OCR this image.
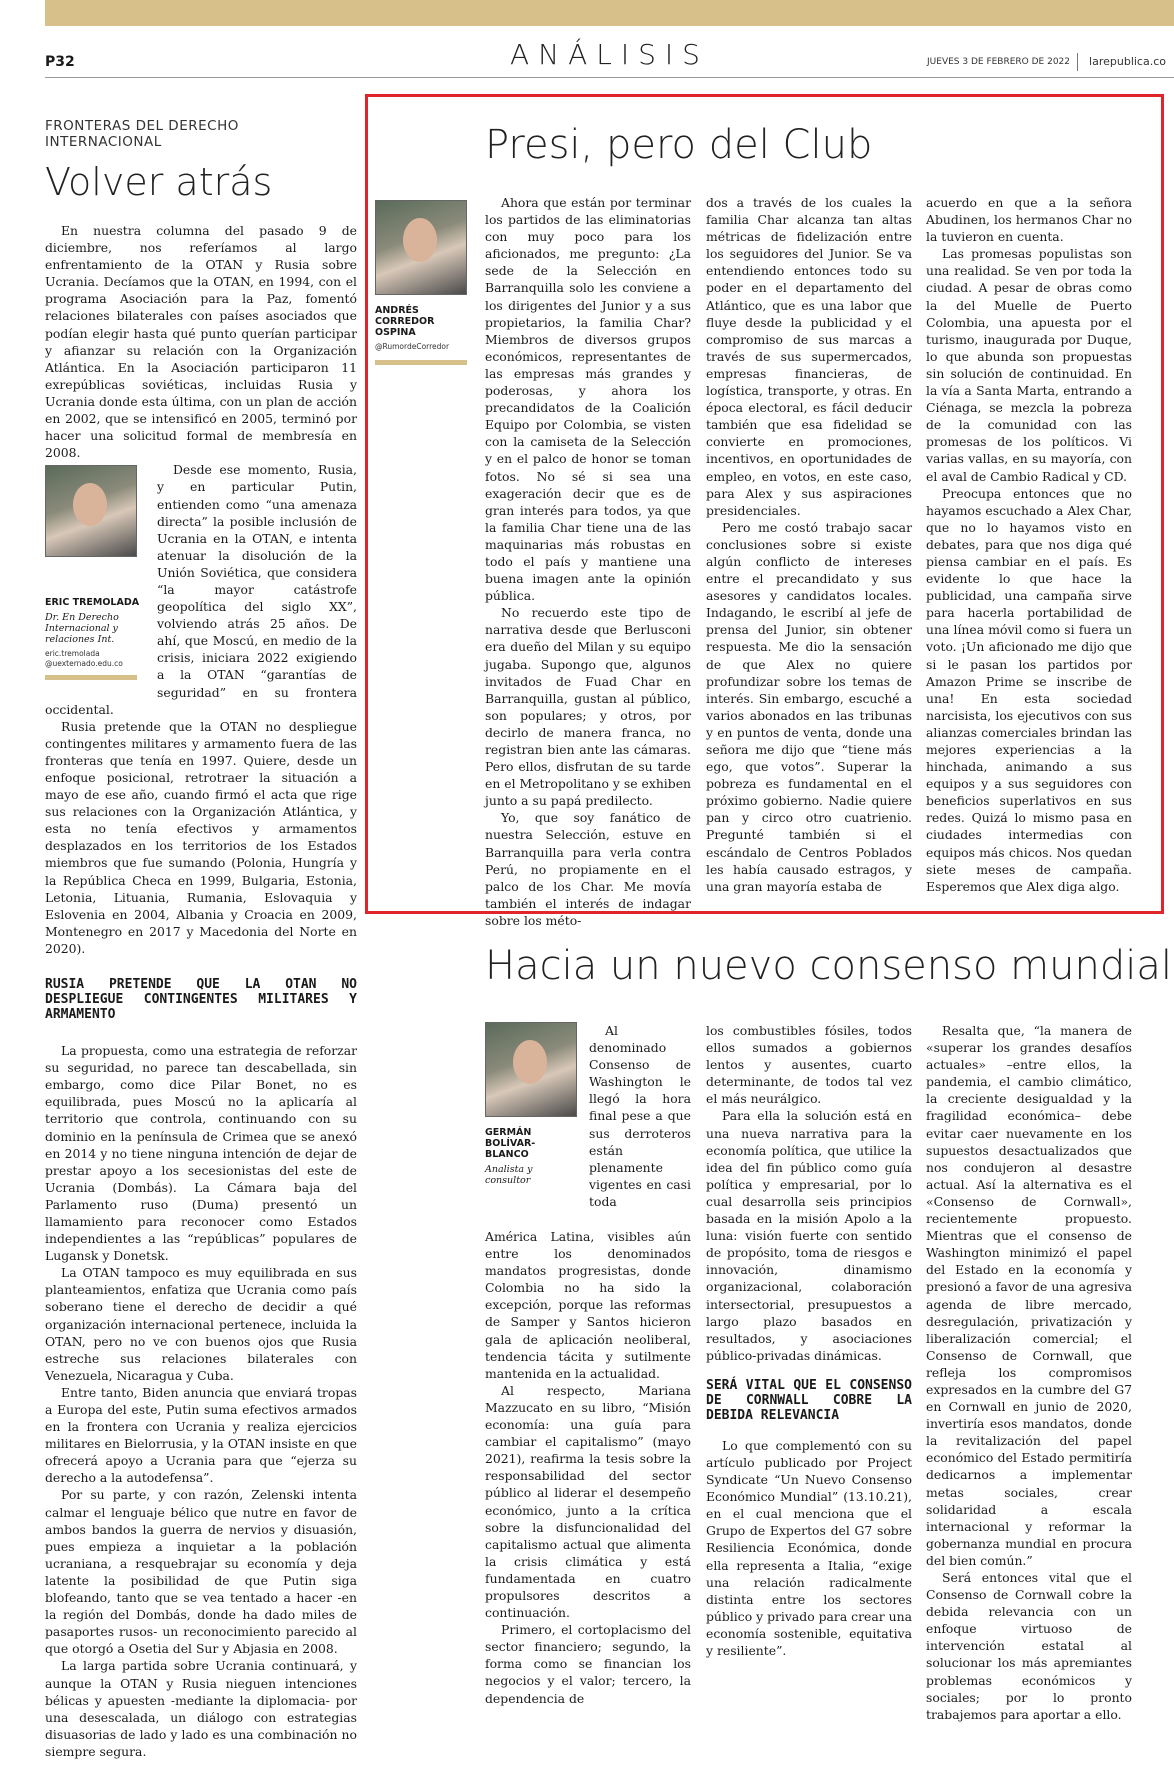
P32	ANÁLISIS	JUEVES 3 DE FEBRERO DE 2022 larepublica.co
FRONTERAS DEL DERECHO INTERNACIONAL
Volver atrás

En nuestra columna del pasado 9 de diciembre, nos referíamos al largo enfrentamiento de la OTAN y Rusia sobre Ucrania. Decíamos que la OTAN, en 1994, con el programa Asociación para la Paz, fomentó relaciones bilaterales con países asociados que podían elegir hasta qué punto querían participar y afianzar su relación con la Organización Atlántica. En la Asociación participaron 11 exrepúblicas soviéticas, incluidas Rusia y Ucrania donde esta última, con un plan de acción en 2002, que se intensificó en 2005, terminó por hacer una solicitud formal de membresía en 2008.

ERIC TREMOLADA
Dr. En Derecho Internacional y relaciones Int.
eric.tremolada @uexternado.edu.co

Desde ese momento, Rusia, y en particular Putin, entienden como “una amenaza directa” la posible inclusión de Ucrania en la OTAN, e intenta atenuar la disolución de la Unión Soviética, que considera “la mayor catástrofe geopolítica del siglo XX”, volviendo atrás 25 años. De ahí, que Moscú, en medio de la crisis, iniciara 2022 exigiendo a la OTAN “garantías de seguridad” en su frontera occidental.

Rusia pretende que la OTAN no despliegue contingentes militares y armamento fuera de las fronteras que tenía en 1997. Quiere, desde un enfoque posicional, retrotraer la situación a mayo de ese año, cuando firmó el acta que rige sus relaciones con la Organización Atlántica, y esta no tenía efectivos y armamentos desplazados en los territorios de los Estados miembros que fue sumando (Polonia, Hungría y la República Checa en 1999, Bulgaria, Estonia, Letonia, Lituania, Rumania, Eslovaquia y Eslovenia en 2004, Albania y Croacia en 2009, Montenegro en 2017 y Macedonia del Norte en 2020).

RUSIA PRETENDE QUE LA OTAN NO DESPLIEGUE CONTINGENTES MILITARES Y ARMAMENTO

La propuesta, como una estrategia de reforzar su seguridad, no parece tan descabellada, sin embargo, como dice Pilar Bonet, no es equilibrada, pues Moscú no la aplicaría al territorio que controla, continuando con su dominio en la península de Crimea que se anexó en 2014 y no tiene ninguna intención de dejar de prestar apoyo a los secesionistas del este de Ucrania (Dombás). La Cámara baja del Parlamento ruso (Duma) presentó un llamamiento para reconocer como Estados independientes a las “repúblicas” populares de Lugansk y Donetsk.

La OTAN tampoco es muy equilibrada en sus planteamientos, enfatiza que Ucrania como país soberano tiene el derecho de decidir a qué organización internacional pertenece, incluida la OTAN, pero no ve con buenos ojos que Rusia estreche sus relaciones bilaterales con Venezuela, Nicaragua y Cuba.

Entre tanto, Biden anuncia que enviará tropas a Europa del este, Putin suma efectivos armados en la frontera con Ucrania y realiza ejercicios militares en Bielorrusia, y la OTAN insiste en que ofrecerá apoyo a Ucrania para que “ejerza su derecho a la autodefensa”.

Por su parte, y con razón, Zelenski intenta calmar el lenguaje bélico que nutre en favor de ambos bandos la guerra de nervios y disuasión, pues empieza a inquietar a la población ucraniana, a resquebrajar su economía y deja latente la posibilidad de que Putin siga blofeando, tanto que se vea tentado a hacer -en la región del Dombás, donde ha dado miles de pasaportes rusos- un reconocimiento parecido al que otorgó a Osetia del Sur y Abjasia en 2008.

La larga partida sobre Ucrania continuará, y aunque la OTAN y Rusia nieguen intenciones bélicas y apuesten -mediante la diplomacia- por una desescalada, un diálogo con estrategias disuasorias de lado y lado es una combinación no siempre segura.

Presi, pero del Club
ANDRÉS CORREDOR OSPINA
@RumordeCorredor

Ahora que están por terminar los partidos de las eliminatorias con muy poco para los aficionados, me pregunto: ¿La sede de la Selección en Barranquilla solo les conviene a los dirigentes del Junior y a sus propietarios, la familia Char? Miembros de diversos grupos económicos, representantes de las empresas más grandes y poderosas, y ahora los precandidatos de la Coalición Equipo por Colombia, se visten con la camiseta de la Selección y en el palco de honor se toman fotos. No sé si sea una exageración decir que es de gran interés para todos, ya que la familia Char tiene una de las maquinarias más robustas en todo el país y mantiene una buena imagen ante la opinión pública.

No recuerdo este tipo de narrativa desde que Berlusconi era dueño del Milan y su equipo jugaba. Supongo que, algunos invitados de Fuad Char en Barranquilla, gustan al público, son populares; y otros, por decirlo de manera franca, no registran bien ante las cámaras. Pero ellos, disfrutan de su tarde en el Metropolitano y se exhiben junto a su papá predilecto.

Yo, que soy fanático de nuestra Selección, estuve en Barranquilla para verla contra Perú, no propiamente en el palco de los Char. Me movía también el interés de indagar sobre los méto-

dos a través de los cuales la familia Char alcanza tan altas métricas de fidelización entre los seguidores del Junior. Se va entendiendo entonces todo su poder en el departamento del Atlántico, que es una labor que fluye desde la publicidad y el compromiso de sus marcas a través de sus supermercados, empresas financieras, de logística, transporte, y otras. En época electoral, es fácil deducir también que esa fidelidad se convierte en promociones, incentivos, en oportunidades de empleo, en votos, en este caso, para Alex y sus aspiraciones presidenciales.

Pero me costó trabajo sacar conclusiones sobre si existe algún conflicto de intereses entre el precandidato y sus asesores y candidatos locales. Indagando, le escribí al jefe de prensa del Junior, sin obtener respuesta. Me dio la sensación de que Alex no quiere profundizar sobre los temas de interés. Sin embargo, escuché a varios abonados en las tribunas y en puntos de venta, donde una señora me dijo que “tiene más ego, que votos”. Superar la pobreza es fundamental en el próximo gobierno. Nadie quiere pan y circo otro cuatrienio. Pregunté también si el escándalo de Centros Poblados les había causado estragos, y una gran mayoría estaba de

acuerdo en que a la señora Abudinen, los hermanos Char no la tuvieron en cuenta.

Las promesas populistas son una realidad. Se ven por toda la ciudad. A pesar de obras como la del Muelle de Puerto Colombia, una apuesta por el turismo, inaugurada por Duque, lo que abunda son propuestas sin solución de continuidad. En la vía a Santa Marta, entrando a Ciénaga, se mezcla la pobreza de la comunidad con las promesas de los políticos. Vi varias vallas, en su mayoría, con el aval de Cambio Radical y CD.

Preocupa entonces que no hayamos escuchado a Alex Char, que no lo hayamos visto en debates, para que nos diga qué piensa cambiar en el país. Es evidente lo que hace la publicidad, una campaña sirve para hacerla portabilidad de una línea móvil como si fuera un voto. ¡Un aficionado me dijo que si le pasan los partidos por Amazon Prime se inscribe de una! En esta sociedad narcisista, los ejecutivos con sus alianzas comerciales brindan las mejores experiencias a la hinchada, animando a sus equipos y a sus seguidores con beneficios superlativos en sus redes. Quizá lo mismo pasa en ciudades intermedias con equipos más chicos. Nos quedan siete meses de campaña. Esperemos que Alex diga algo.

Hacia un nuevo consenso mundial
GERMÁN BOLÍVAR-BLANCO
Analista y consultor

Al denominado Consenso de Washington le llegó la hora final pese a que sus derroteros están plenamente vigentes en casi toda

América Latina, visibles aún entre los denominados mandatos progresistas, donde Colombia no ha sido la excepción, porque las reformas de Samper y Santos hicieron gala de aplicación neoliberal, tendencia tácita y sutilmente mantenida en la actualidad.

Al respecto, Mariana Mazzucato en su libro, “Misión economía: una guía para cambiar el capitalismo” (mayo 2021), reafirma la tesis sobre la responsabilidad del sector público al liderar el desempeño económico, junto a la crítica sobre la disfuncionalidad del capitalismo actual que alimenta la crisis climática y está fundamentada en cuatro propulsores descritos a continuación.

Primero, el cortoplacismo del sector financiero; segundo, la forma como se financian los negocios y el valor; tercero, la dependencia de

los combustibles fósiles, todos ellos sumados a gobiernos lentos y ausentes, cuarto determinante, de todos tal vez el más neurálgico.

Para ella la solución está en una nueva narrativa para la economía política, que utilice la idea del fin público como guía política y empresarial, por lo cual desarrolla seis principios basada en la misión Apolo a la luna: visión fuerte con sentido de propósito, toma de riesgos e innovación, dinamismo organizacional, colaboración intersectorial, presupuestos a largo plazo basados en resultados, y asociaciones público-privadas dinámicas.

SERÁ VITAL QUE EL CONSENSO DE CORNWALL COBRE LA DEBIDA RELEVANCIA

Lo que complementó con su artículo publicado por Project Syndicate “Un Nuevo Consenso Económico Mundial” (13.10.21), en el cual menciona que el Grupo de Expertos del G7 sobre Resiliencia Económica, donde ella representa a Italia, “exige una relación radicalmente distinta entre los sectores público y privado para crear una economía sostenible, equitativa y resiliente”.

Resalta que, “la manera de «superar los grandes desafíos actuales» –entre ellos, la pandemia, el cambio climático, la creciente desigualdad y la fragilidad económica– debe evitar caer nuevamente en los supuestos desactualizados que nos condujeron al desastre actual. Así la alternativa es el «Consenso de Cornwall», recientemente propuesto. Mientras que el consenso de Washington minimizó el papel del Estado en la economía y presionó a favor de una agresiva agenda de libre mercado, desregulación, privatización y liberalización comercial; el Consenso de Cornwall, que refleja los compromisos expresados en la cumbre del G7 en Cornwall en junio de 2020, invertiría esos mandatos, donde la revitalización del papel económico del Estado permitiría dedicarnos a implementar metas sociales, crear solidaridad a escala internacional y reformar la gobernanza mundial en procura del bien común.”

Será entonces vital que el Consenso de Cornwall cobre la debida relevancia con un enfoque virtuoso de intervención estatal al solucionar los más apremiantes problemas económicos y sociales; por lo pronto trabajemos para aportar a ello.
